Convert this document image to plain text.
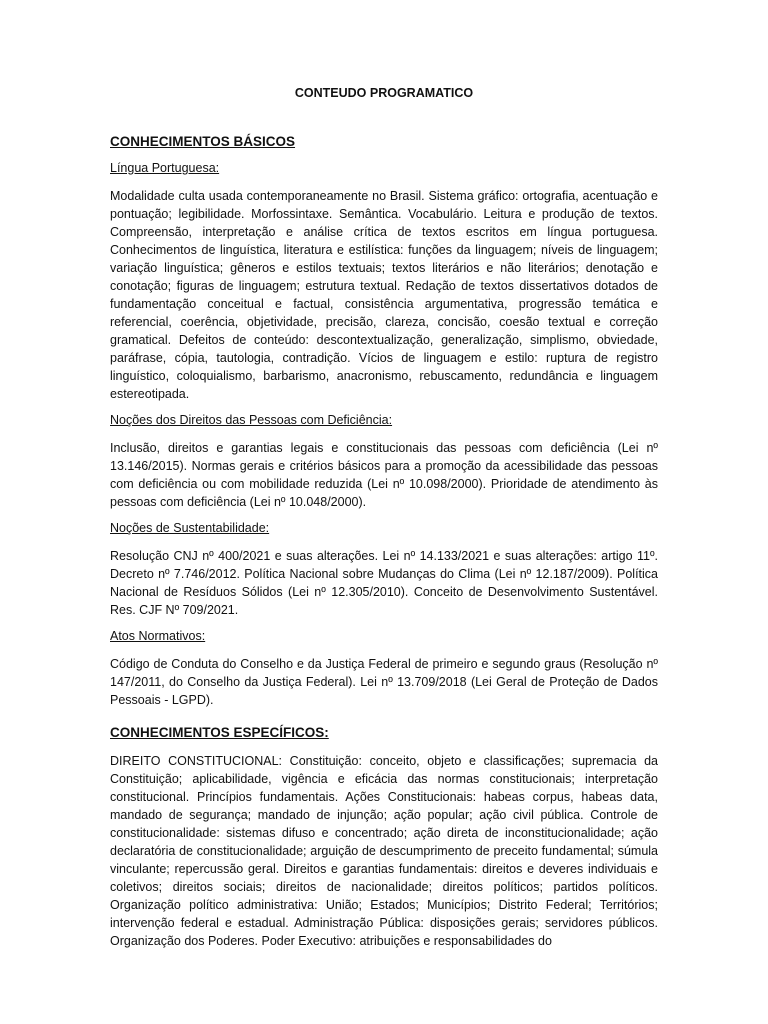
CONTEUDO PROGRAMATICO

CONHECIMENTOS BÁSICOS

Língua Portuguesa:

Modalidade culta usada contemporaneamente no Brasil. Sistema gráfico: ortografia, acentuação e pontuação; legibilidade. Morfossintaxe. Semântica. Vocabulário. Leitura e produção de textos. Compreensão, interpretação e análise crítica de textos escritos em língua portuguesa. Conhecimentos de linguística, literatura e estilística: funções da linguagem; níveis de linguagem; variação linguística; gêneros e estilos textuais; textos literários e não literários; denotação e conotação; figuras de linguagem; estrutura textual. Redação de textos dissertativos dotados de fundamentação conceitual e factual, consistência argumentativa, progressão temática e referencial, coerência, objetividade, precisão, clareza, concisão, coesão textual e correção gramatical. Defeitos de conteúdo: descontextualização, generalização, simplismo, obviedade, paráfrase, cópia, tautologia, contradição. Vícios de linguagem e estilo: ruptura de registro linguístico, coloquialismo, barbarismo, anacronismo, rebuscamento, redundância e linguagem estereotipada.

Noções dos Direitos das Pessoas com Deficiência:

Inclusão, direitos e garantias legais e constitucionais das pessoas com deficiência (Lei nº 13.146/2015). Normas gerais e critérios básicos para a promoção da acessibilidade das pessoas com deficiência ou com mobilidade reduzida (Lei nº 10.098/2000). Prioridade de atendimento às pessoas com deficiência (Lei nº 10.048/2000).

Noções de Sustentabilidade:

Resolução CNJ nº 400/2021 e suas alterações. Lei nº 14.133/2021 e suas alterações: artigo 11º. Decreto nº 7.746/2012. Política Nacional sobre Mudanças do Clima (Lei nº 12.187/2009). Política Nacional de Resíduos Sólidos (Lei nº 12.305/2010). Conceito de Desenvolvimento Sustentável. Res. CJF Nº 709/2021.

Atos Normativos:

Código de Conduta do Conselho e da Justiça Federal de primeiro e segundo graus (Resolução nº 147/2011, do Conselho da Justiça Federal). Lei nº 13.709/2018 (Lei Geral de Proteção de Dados Pessoais - LGPD).

CONHECIMENTOS ESPECÍFICOS:

DIREITO CONSTITUCIONAL: Constituição: conceito, objeto e classificações; supremacia da Constituição; aplicabilidade, vigência e eficácia das normas constitucionais; interpretação constitucional. Princípios fundamentais. Ações Constitucionais: habeas corpus, habeas data, mandado de segurança; mandado de injunção; ação popular; ação civil pública. Controle de constitucionalidade: sistemas difuso e concentrado; ação direta de inconstitucionalidade; ação declaratória de constitucionalidade; arguição de descumprimento de preceito fundamental; súmula vinculante; repercussão geral. Direitos e garantias fundamentais: direitos e deveres individuais e coletivos; direitos sociais; direitos de nacionalidade; direitos políticos; partidos políticos. Organização político administrativa: União; Estados; Municípios; Distrito Federal; Territórios; intervenção federal e estadual. Administração Pública: disposições gerais; servidores públicos. Organização dos Poderes. Poder Executivo: atribuições e responsabilidades do
